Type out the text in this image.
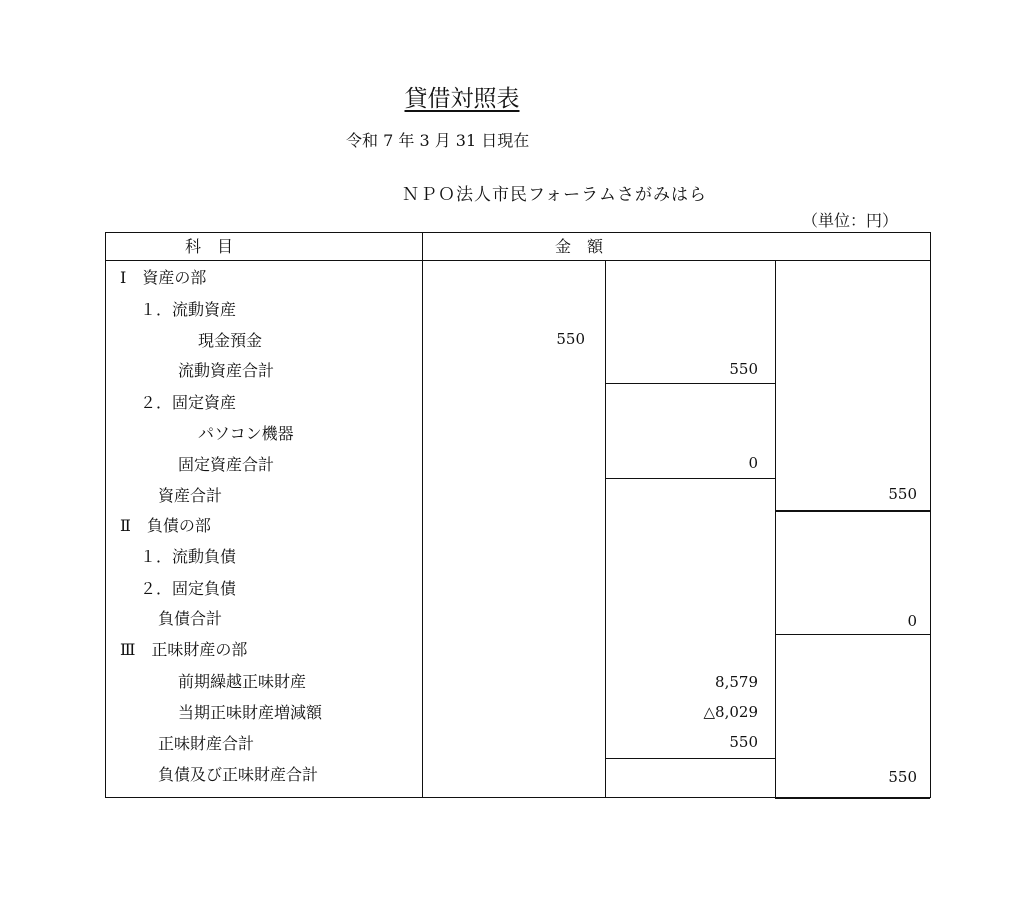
貸借対照表
令和 7 年 3 月 31 日現在
ＮＰＯ法人市民フォーラムさがみはら
（単位：円）
科　目	金　額
Ⅰ　資産の部
１．流動資産
現金預金
流動資産合計
２．固定資産
パソコン機器
固定資産合計
資産合計
Ⅱ　負債の部
１．流動負債
２．固定負債
負債合計
Ⅲ　正味財産の部
前期繰越正味財産
当期正味財産増減額
正味財産合計
負債及び正味財産合計
550
550
0
550
0
8,579
△8,029
550
550
